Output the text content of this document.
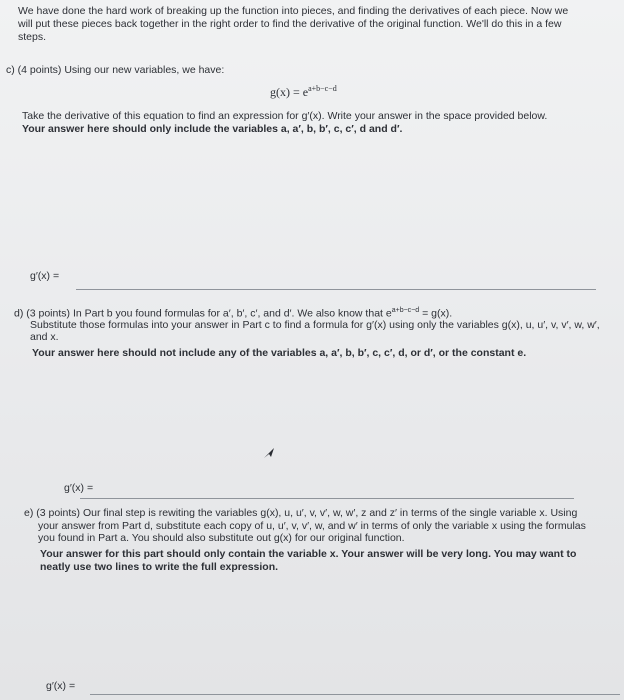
We have done the hard work of breaking up the function into pieces, and finding the derivatives of each piece. Now we
will put these pieces back together in the right order to find the derivative of the original function. We'll do this in a few
steps.
c) (4 points) Using our new variables, we have:
$g(x) = e^{a+b-c-d}$
Take the derivative of this equation to find an expression for g′(x). Write your answer in the space provided below.
Your answer here should only include the variables a, a′, b, b′, c, c′, d and d′.
g′(x) =
d) (3 points) In Part b you found formulas for a′, b′, c′, and d′. We also know that $e^{a+b-c-d} = g(x)$.
Substitute those formulas into your answer in Part c to find a formula for g′(x) using only the variables g(x), u, u′, v, v′, w, w′,
and x.
Your answer here should not include any of the variables a, a′, b, b′, c, c′, d, or d′, or the constant e.
g′(x) =
e) (3 points) Our final step is rewiting the variables g(x), u, u′, v, v′, w, w′, z and z′ in terms of the single variable x. Using
your answer from Part d, substitute each copy of u, u′, v, v′, w, and w′ in terms of only the variable x using the formulas
you found in Part a. You should also substitute out g(x) for our original function.
Your answer for this part should only contain the variable x. Your answer will be very long. You may want to
neatly use two lines to write the full expression.
g′(x) =
